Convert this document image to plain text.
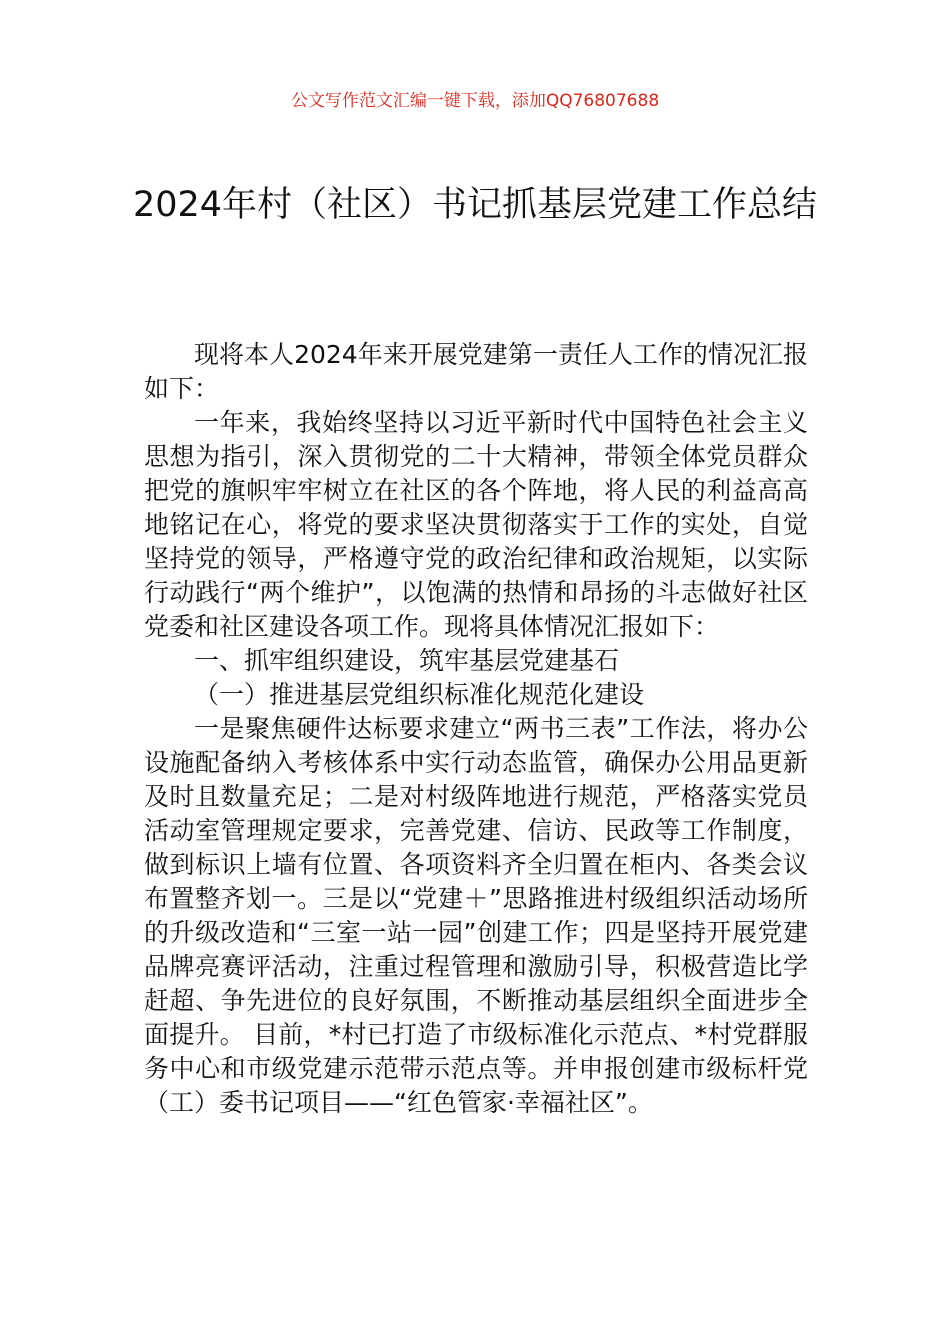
公文写作范文汇编一键下载，添加QQ76807688
2024年村（社区）书记抓基层党建工作总结

现将本人2024年来开展党建第一责任人工作的情况汇报如下：

一年来，我始终坚持以习近平新时代中国特色社会主义思想为指引，深入贯彻党的二十大精神，带领全体党员群众把党的旗帜牢牢树立在社区的各个阵地，将人民的利益高高地铭记在心，将党的要求坚决贯彻落实于工作的实处，自觉坚持党的领导，严格遵守党的政治纪律和政治规矩，以实际行动践行“两个维护”，以饱满的热情和昂扬的斗志做好社区党委和社区建设各项工作。现将具体情况汇报如下：

一、抓牢组织建设，筑牢基层党建基石

（一）推进基层党组织标准化规范化建设

一是聚焦硬件达标要求建立“两书三表”工作法，将办公设施配备纳入考核体系中实行动态监管，确保办公用品更新及时且数量充足；二是对村级阵地进行规范，严格落实党员活动室管理规定要求，完善党建、信访、民政等工作制度，做到标识上墙有位置、各项资料齐全归置在柜内、各类会议布置整齐划一。三是以“党建＋”思路推进村级组织活动场所的升级改造和“三室一站一园”创建工作；四是坚持开展党建品牌亮赛评活动，注重过程管理和激励引导，积极营造比学赶超、争先进位的良好氛围，不断推动基层组织全面进步全面提升。 目前，*村已打造了市级标准化示范点、*村党群服务中心和市级党建示范带示范点等。并申报创建市级标杆党（工）委书记项目——“红色管家·幸福社区”。
